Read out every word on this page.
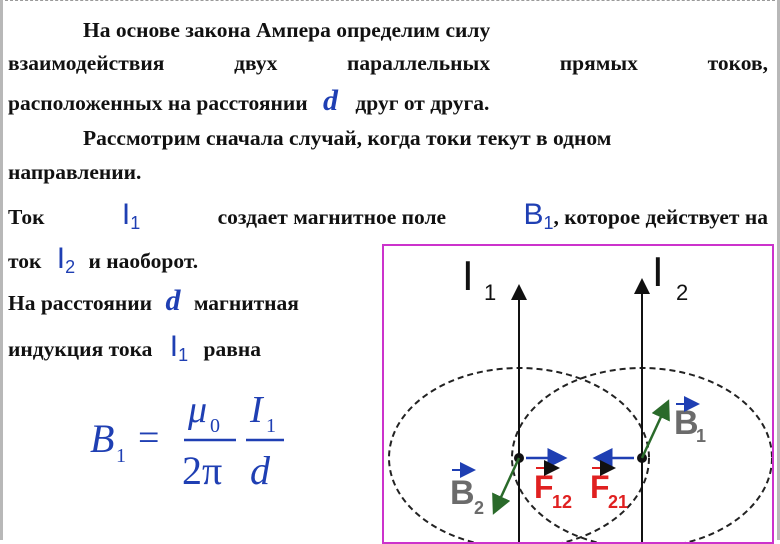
На основе закона Ампера определим силу
взаимодействия	двух	параллельных	прямых	токов,
расположенных на расстоянии d друг от друга.
Рассмотрим сначала случай, когда токи текут в одном
направлении.
Ток	$I_1$	создает магнитное поле	$B_1$, которое действует на
ток $I_2$ и наоборот.
На расстоянии d магнитная
индукция тока $I_1$ равна
B 1 =
μ 0 I 1
2π d
I 1	I 2
B
1
B 2
F
12 F
21
